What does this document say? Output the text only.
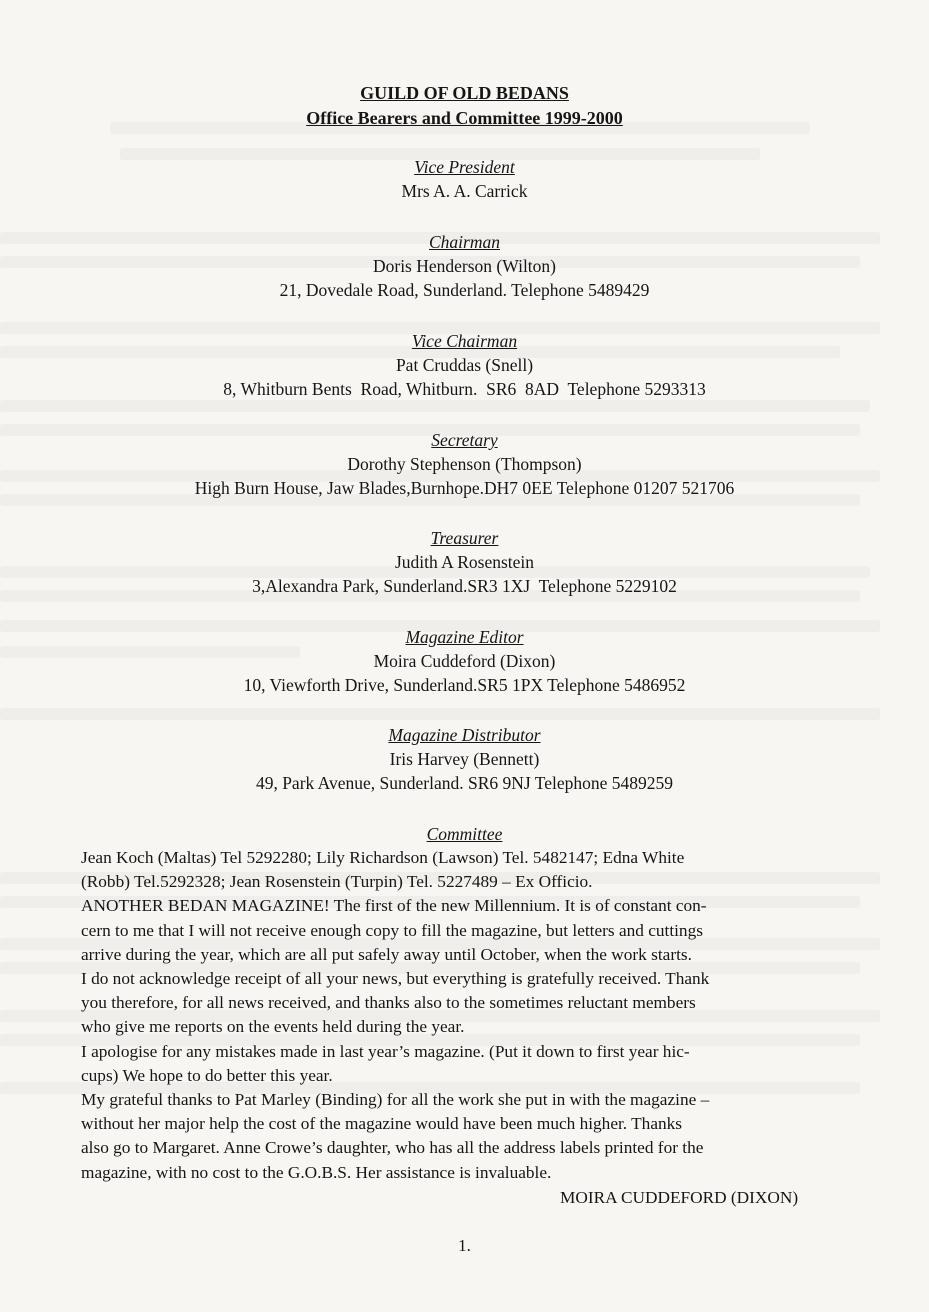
GUILD OF OLD BEDANS
Office Bearers and Committee 1999-2000
Vice President
Mrs A. A. Carrick
Chairman
Doris Henderson (Wilton)
21, Dovedale Road, Sunderland. Telephone 5489429
Vice Chairman
Pat Cruddas (Snell)
8, Whitburn Bents  Road, Whitburn.  SR6  8AD  Telephone 5293313
Secretary
Dorothy Stephenson (Thompson)
High Burn House, Jaw Blades,Burnhope.DH7 0EE Telephone 01207 521706
Treasurer
Judith A Rosenstein
3,Alexandra Park, Sunderland.SR3 1XJ  Telephone 5229102
Magazine Editor
Moira Cuddeford (Dixon)
10, Viewforth Drive, Sunderland.SR5 1PX Telephone 5486952
Magazine Distributor
Iris Harvey (Bennett)
49, Park Avenue, Sunderland. SR6 9NJ Telephone 5489259
Committee

Jean Koch (Maltas) Tel 5292280; Lily Richardson (Lawson) Tel. 5482147; Edna White

(Robb) Tel.5292328; Jean Rosenstein (Turpin) Tel. 5227489 – Ex Officio.

ANOTHER BEDAN MAGAZINE! The first of the new Millennium. It is of constant con-

cern to me that I will not receive enough copy to fill the magazine, but letters and cuttings

arrive during the year, which are all put safely away until October, when the work starts.

I do not acknowledge receipt of all your news, but everything is gratefully received. Thank

you therefore, for all news received, and thanks also to the sometimes reluctant members

who give me reports on the events held during the year.

I apologise for any mistakes made in last year’s magazine. (Put it down to first year hic-

cups) We hope to do better this year.

My grateful thanks to Pat Marley (Binding) for all the work she put in with the magazine –

without her major help the cost of the magazine would have been much higher. Thanks

also go to Margaret. Anne Crowe’s daughter, who has all the address labels printed for the

magazine, with no cost to the G.O.B.S. Her assistance is invaluable.

MOIRA CUDDEFORD (DIXON)
1.
